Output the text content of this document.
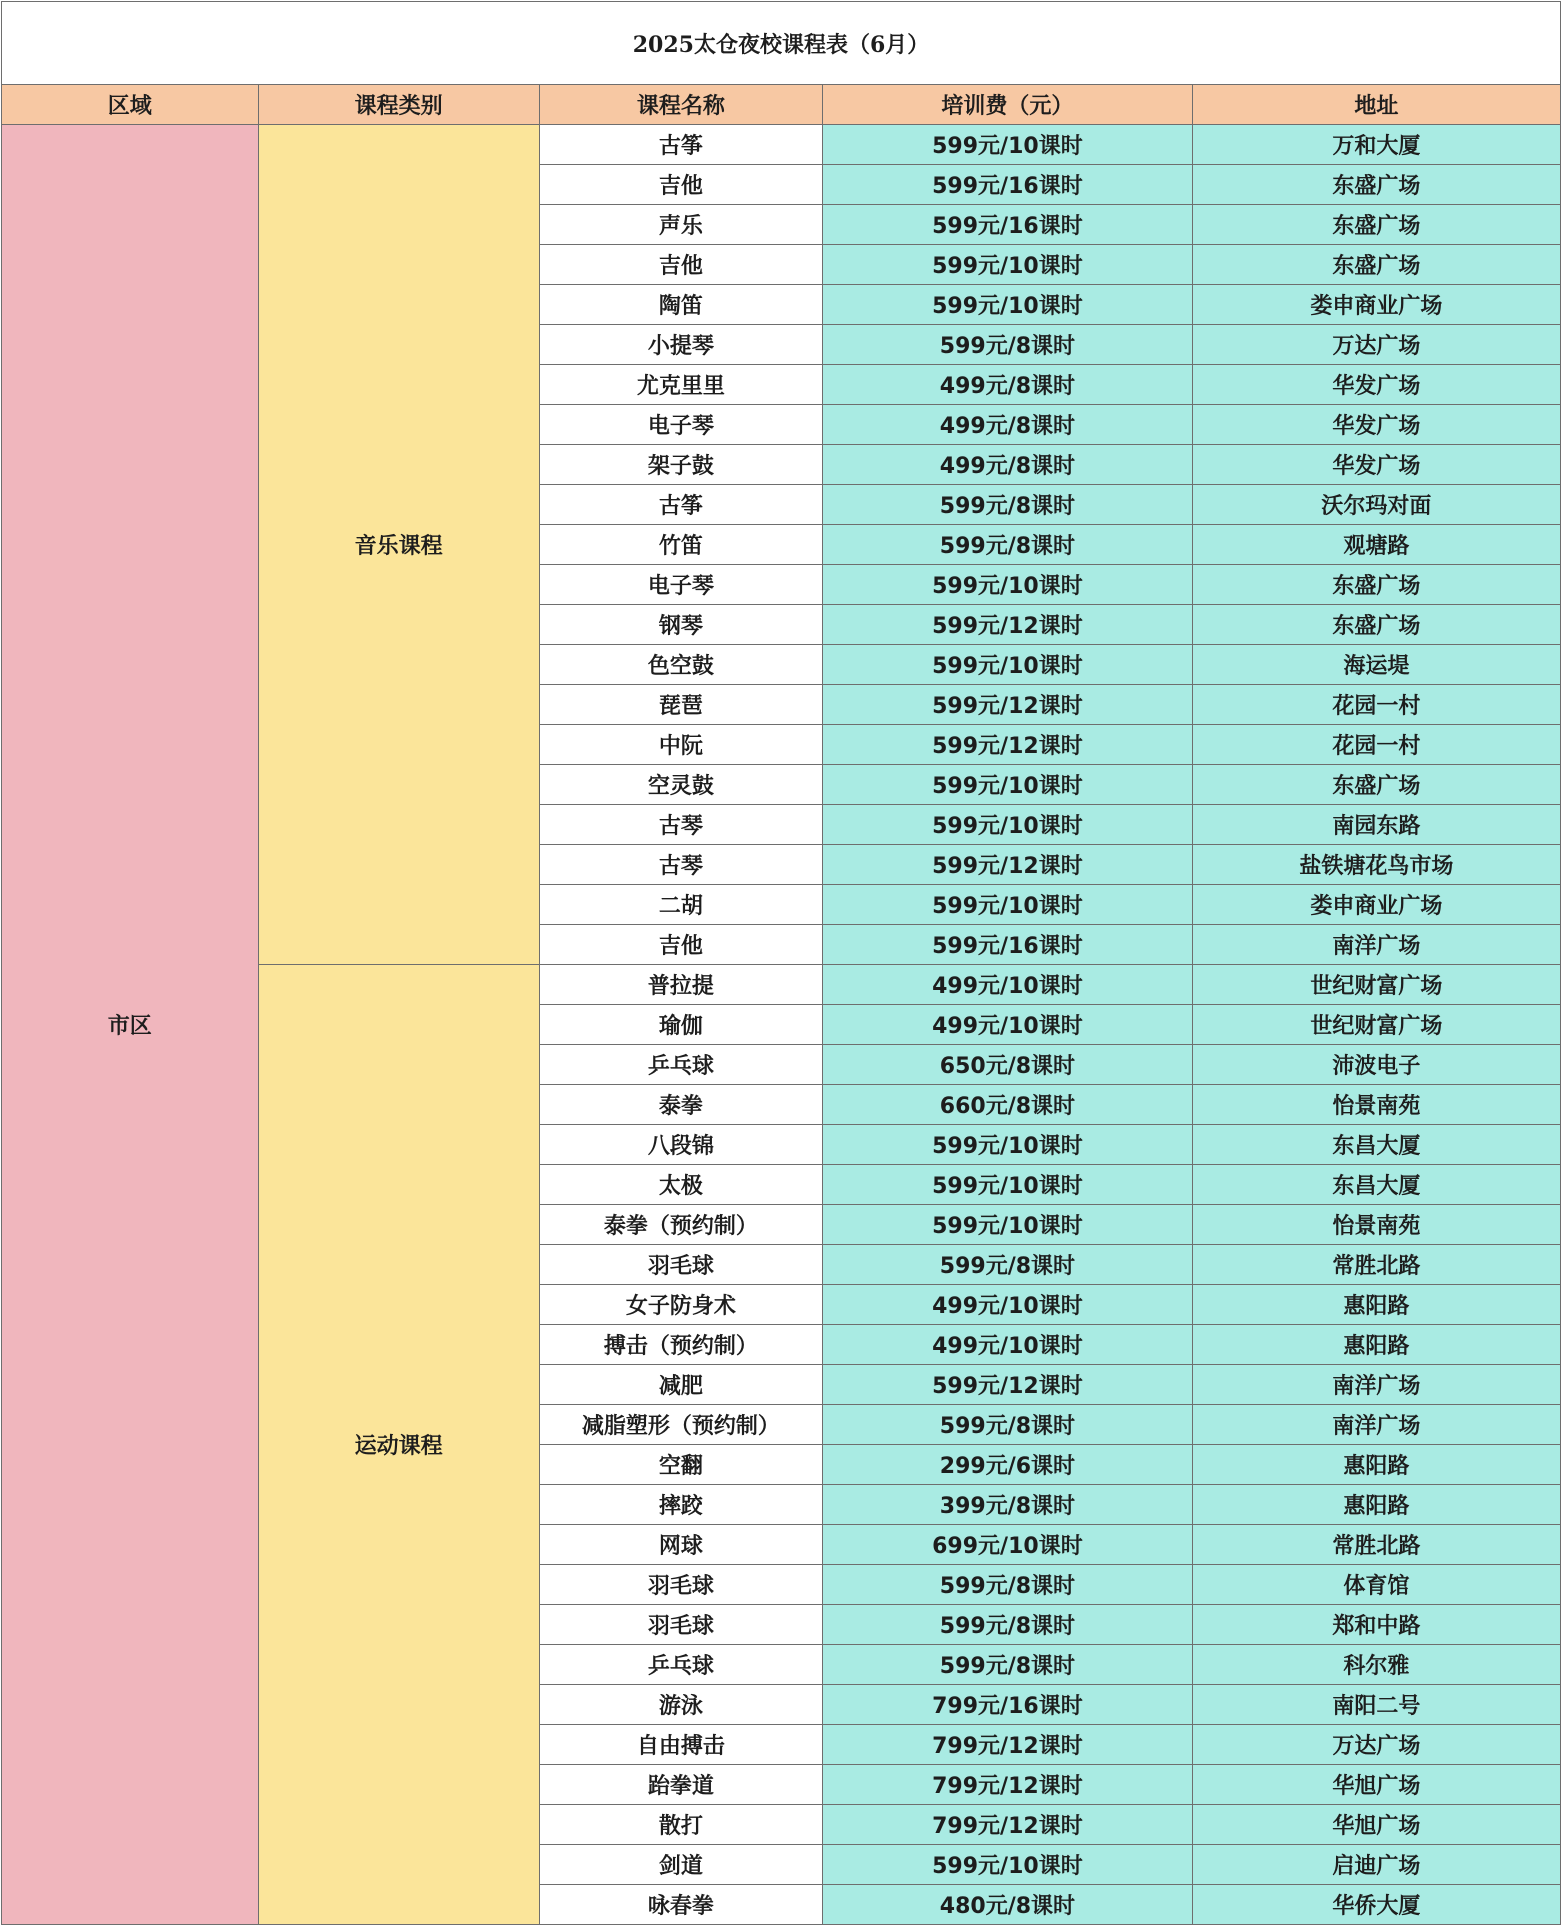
2025太仓夜校课程表（6月）				
区域	课程类别	课程名称	培训费（元）	地址
市区	音乐课程	古筝	599元/10课时	万和大厦
		吉他	599元/16课时	东盛广场
		声乐	599元/16课时	东盛广场
		吉他	599元/10课时	东盛广场
		陶笛	599元/10课时	娄申商业广场
		小提琴	599元/8课时	万达广场
		尤克里里	499元/8课时	华发广场
		电子琴	499元/8课时	华发广场
		架子鼓	499元/8课时	华发广场
		古筝	599元/8课时	沃尔玛对面
		竹笛	599元/8课时	观塘路
		电子琴	599元/10课时	东盛广场
		钢琴	599元/12课时	东盛广场
		色空鼓	599元/10课时	海运堤
		琵琶	599元/12课时	花园一村
		中阮	599元/12课时	花园一村
		空灵鼓	599元/10课时	东盛广场
		古琴	599元/10课时	南园东路
		古琴	599元/12课时	盐铁塘花鸟市场
		二胡	599元/10课时	娄申商业广场
		吉他	599元/16课时	南洋广场
	运动课程	普拉提	499元/10课时	世纪财富广场
		瑜伽	499元/10课时	世纪财富广场
		乒乓球	650元/8课时	沛波电子
		泰拳	660元/8课时	怡景南苑
		八段锦	599元/10课时	东昌大厦
		太极	599元/10课时	东昌大厦
		泰拳（预约制）	599元/10课时	怡景南苑
		羽毛球	599元/8课时	常胜北路
		女子防身术	499元/10课时	惠阳路
		搏击（预约制）	499元/10课时	惠阳路
		减肥	599元/12课时	南洋广场
		减脂塑形（预约制）	599元/8课时	南洋广场
		空翻	299元/6课时	惠阳路
		摔跤	399元/8课时	惠阳路
		网球	699元/10课时	常胜北路
		羽毛球	599元/8课时	体育馆
		羽毛球	599元/8课时	郑和中路
		乒乓球	599元/8课时	科尔雅
		游泳	799元/16课时	南阳二号
		自由搏击	799元/12课时	万达广场
		跆拳道	799元/12课时	华旭广场
		散打	799元/12课时	华旭广场
		剑道	599元/10课时	启迪广场
		咏春拳	480元/8课时	华侨大厦
